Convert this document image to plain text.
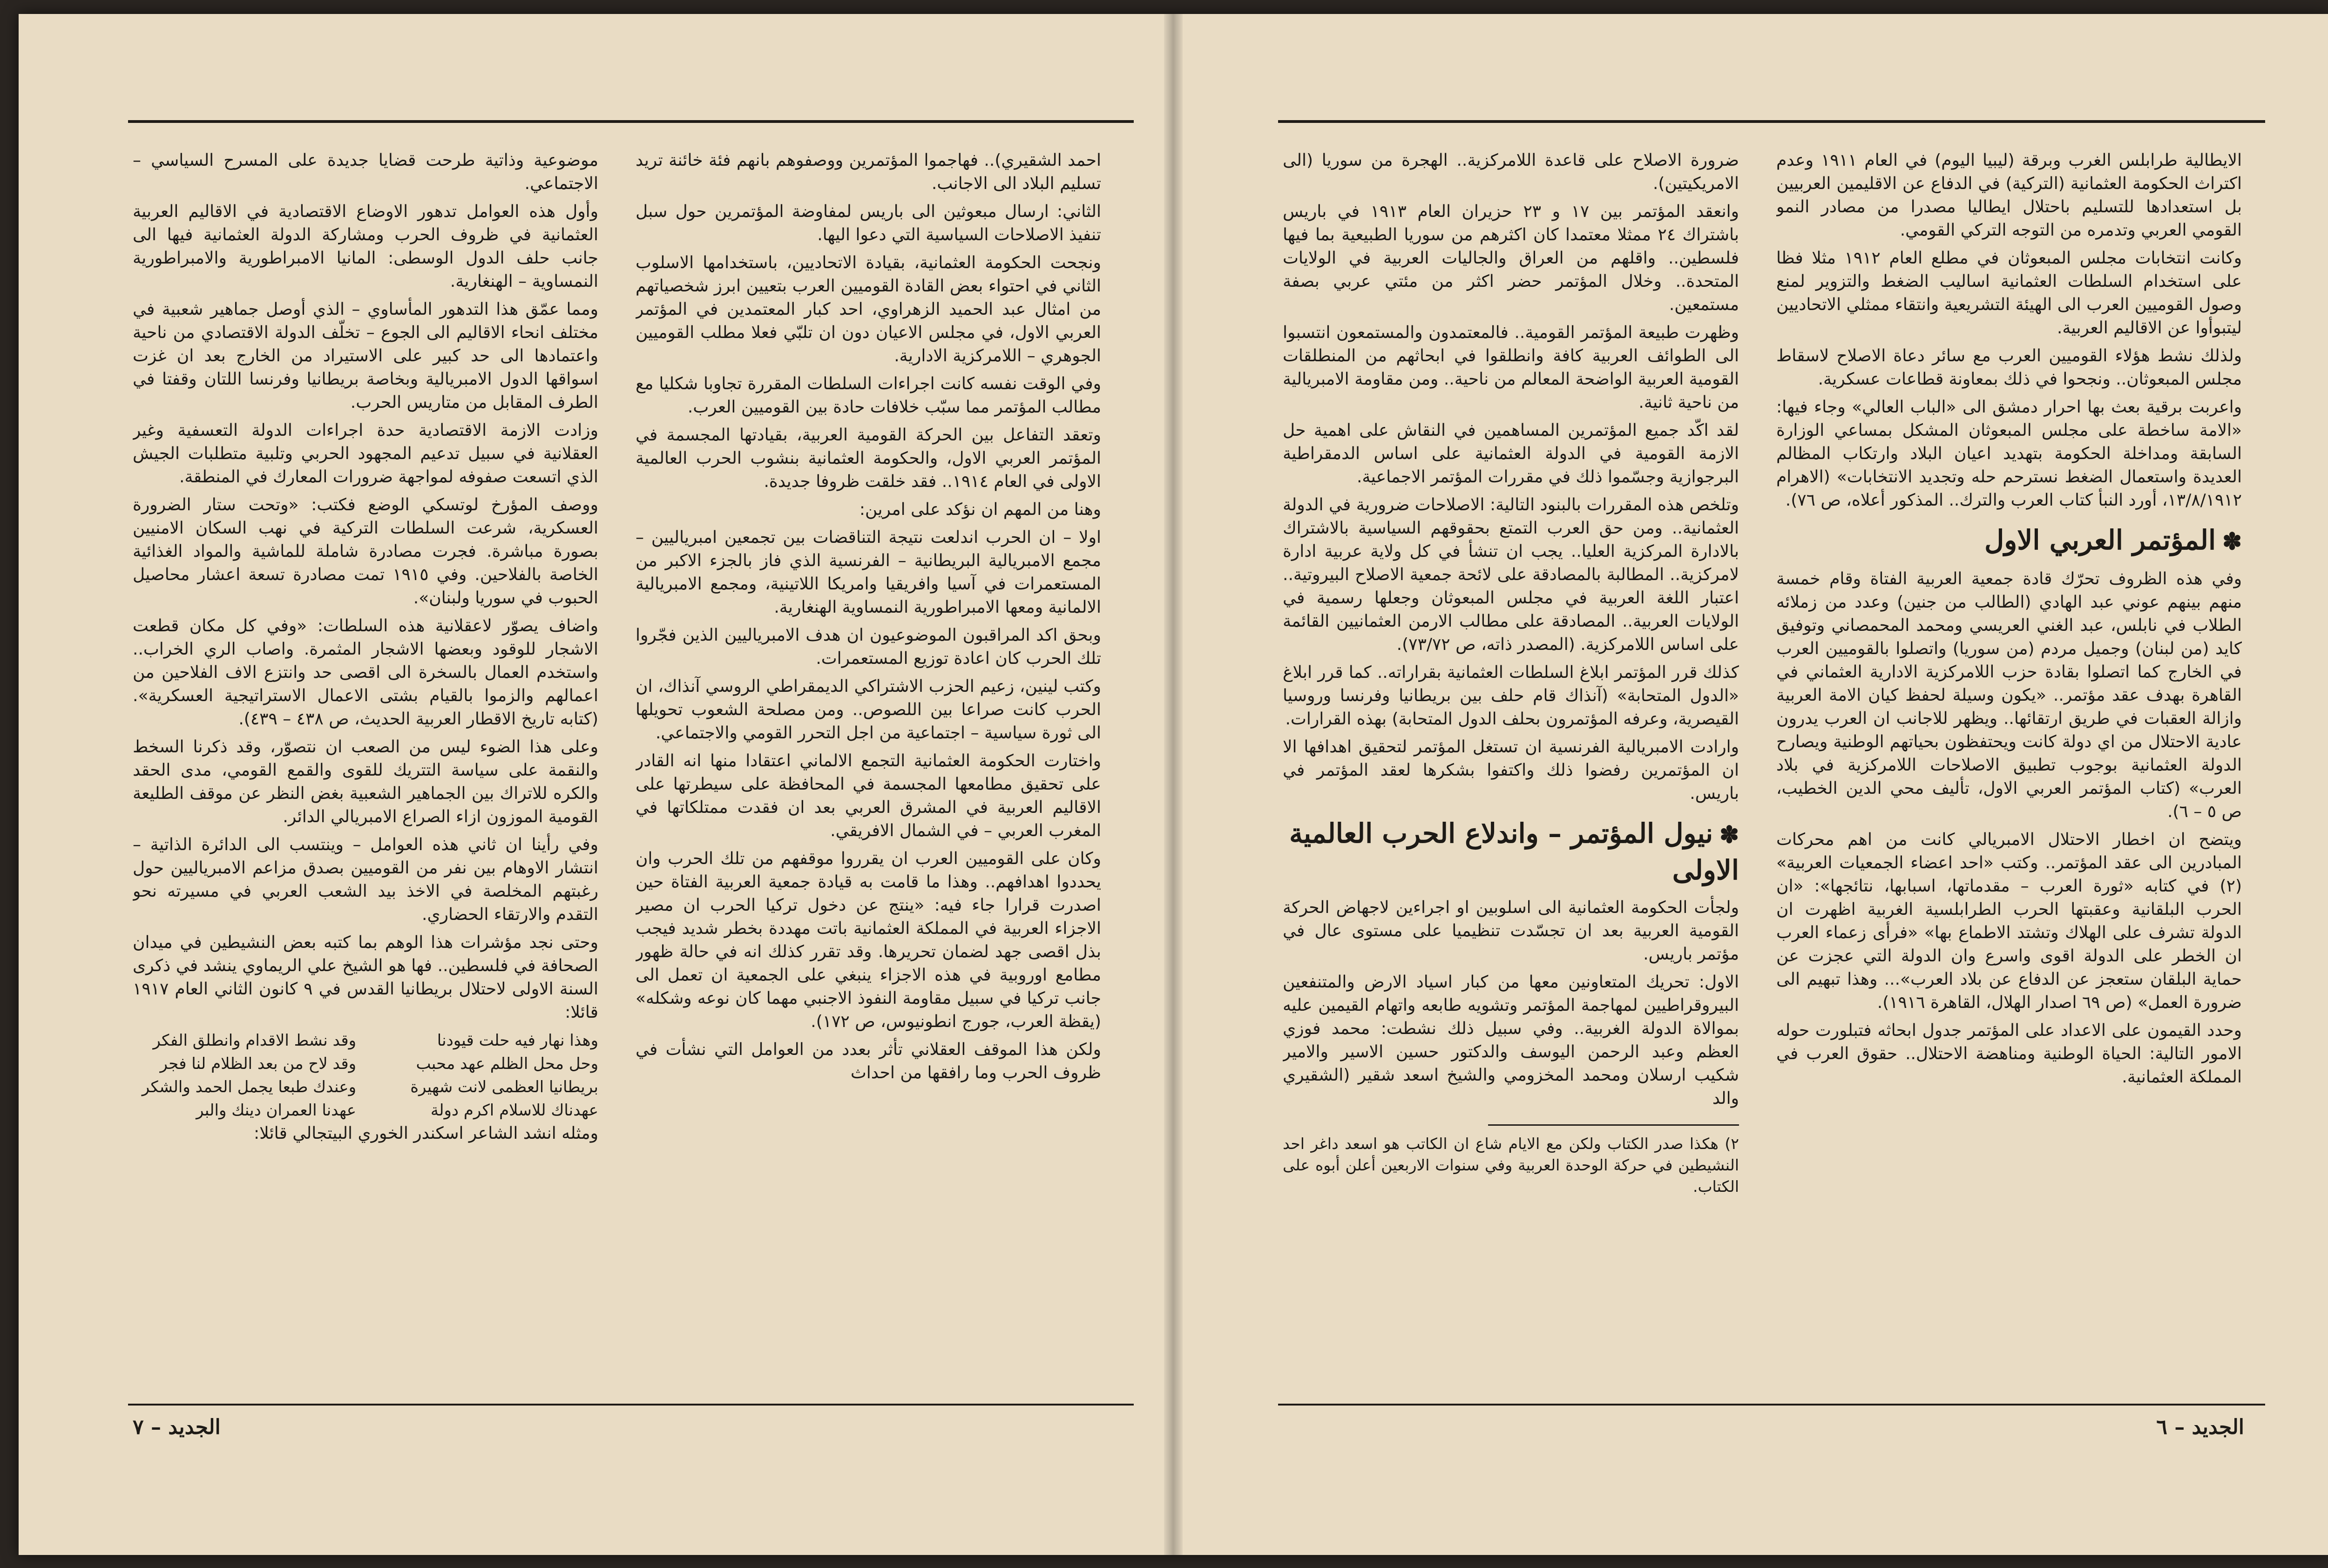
موضوعية وذاتية طرحت قضايا جديدة على المسرح السياسي – الاجتماعي.

وأول هذه العوامل تدهور الاوضاع الاقتصادية في الاقاليم العربية العثمانية في ظروف الحرب ومشاركة الدولة العثمانية فيها الى جانب حلف الدول الوسطى: المانيا الامبراطورية والامبراطورية النمساوية – الهنغارية.

ومما عمّق هذا التدهور المأساوي – الذي أوصل جماهير شعبية في مختلف انحاء الاقاليم الى الجوع – تخلّف الدولة الاقتصادي من ناحية واعتمادها الى حد كبير على الاستيراد من الخارج بعد ان غزت اسواقها الدول الامبريالية وبخاصة بريطانيا وفرنسا اللتان وقفتا في الطرف المقابل من متاريس الحرب.

وزادت الازمة الاقتصادية حدة اجراءات الدولة التعسفية وغير العقلانية في سبيل تدعيم المجهود الحربي وتلبية متطلبات الجيش الذي اتسعت صفوفه لمواجهة ضرورات المعارك في المنطقة.

ووصف المؤرخ لوتسكي الوضع فكتب: «وتحت ستار الضرورة العسكرية، شرعت السلطات التركية في نهب السكان الامنيين بصورة مباشرة. فجرت مصادرة شاملة للماشية والمواد الغذائية الخاصة بالفلاحين. وفي ١٩١٥ تمت مصادرة تسعة اعشار محاصيل الحبوب في سوريا ولبنان».

واضاف يصوّر لاعقلانية هذه السلطات: «وفي كل مكان قطعت الاشجار للوقود وبعضها الاشجار المثمرة. واصاب الري الخراب.. واستخدم العمال بالسخرة الى اقصى حد وانتزع الاف الفلاحين من اعمالهم والزموا بالقيام بشتى الاعمال الاستراتيجية العسكرية». (كتابه تاريخ الاقطار العربية الحديث، ص ٤٣٨ – ٤٣٩).

وعلى هذا الضوء ليس من الصعب ان نتصوّر، وقد ذكرنا السخط والنقمة على سياسة التتريك للقوى والقمع القومي، مدى الحقد والكره للاتراك بين الجماهير الشعبية بغض النظر عن موقف الطليعة القومية الموزون ازاء الصراع الامبريالي الدائر.

وفي رأينا ان ثاني هذه العوامل – وينتسب الى الدائرة الذاتية – انتشار الاوهام بين نفر من القوميين بصدق مزاعم الامبرياليين حول رغبتهم المخلصة في الاخذ بيد الشعب العربي في مسيرته نحو التقدم والارتقاء الحضاري.

وحتى نجد مؤشرات هذا الوهم بما كتبه بعض النشيطين في ميدان الصحافة في فلسطين.. فها هو الشيخ علي الريماوي ينشد في ذكرى السنة الاولى لاحتلال بريطانيا القدس في ٩ كانون الثاني العام ١٩١٧ قائلا:

وهذا نهار فيه حلت قيودنا
وقد نشط الاقدام وانطلق الفكر
وحل محل الظلم عهد محبب
وقد لاح من بعد الظلام لنا فجر
بريطانيا العظمى لانت شهيرة
وعندك طبعا يجمل الحمد والشكر
عهدناك للاسلام اكرم دولة
عهدنا العمران دينك والبر

ومثله انشد الشاعر اسكندر الخوري البيتجالي قائلا:

احمد الشقيري).. فهاجموا المؤتمرين ووصفوهم بانهم فئة خائنة تريد تسليم البلاد الى الاجانب.

الثاني: ارسال مبعوثين الى باريس لمفاوضة المؤتمرين حول سبل تنفيذ الاصلاحات السياسية التي دعوا اليها.

ونجحت الحكومة العثمانية، بقيادة الاتحاديين، باستخدامها الاسلوب الثاني في احتواء بعض القادة القوميين العرب بتعيين ابرز شخصياتهم من امثال عبد الحميد الزهراوي، احد كبار المعتمدين في المؤتمر العربي الاول، في مجلس الاعيان دون ان تلبّي فعلا مطلب القوميين الجوهري – اللامركزية الادارية.

وفي الوقت نفسه كانت اجراءات السلطات المقررة تجاوبا شكليا مع مطالب المؤتمر مما سبّب خلافات حادة بين القوميين العرب.

وتعقد التفاعل بين الحركة القومية العربية، بقيادتها المجسمة في المؤتمر العربي الاول، والحكومة العثمانية بنشوب الحرب العالمية الاولى في العام ١٩١٤.. فقد خلقت ظروفا جديدة.

وهنا من المهم ان نؤكد على امرين:

اولا – ان الحرب اندلعت نتيجة التناقضات بين تجمعين امبرياليين – مجمع الامبريالية البريطانية – الفرنسية الذي فاز بالجزء الاكبر من المستعمرات في آسيا وافريقيا وامريكا اللاتينية، ومجمع الامبريالية الالمانية ومعها الامبراطورية النمساوية الهنغارية.

وبحق اكد المراقبون الموضوعيون ان هدف الامبرياليين الذين فجّروا تلك الحرب كان اعادة توزيع المستعمرات.

وكتب لينين، زعيم الحزب الاشتراكي الديمقراطي الروسي آنذاك، ان الحرب كانت صراعا بين اللصوص.. ومن مصلحة الشعوب تحويلها الى ثورة سياسية – اجتماعية من اجل التحرر القومي والاجتماعي.

واختارت الحكومة العثمانية التجمع الالماني اعتقادا منها انه القادر على تحقيق مطامعها المجسمة في المحافظة على سيطرتها على الاقاليم العربية في المشرق العربي بعد ان فقدت ممتلكاتها في المغرب العربي – في الشمال الافريقي.

وكان على القوميين العرب ان يقرروا موقفهم من تلك الحرب وان يحددوا اهدافهم.. وهذا ما قامت به قيادة جمعية العربية الفتاة حين اصدرت قرارا جاء فيه: «ينتج عن دخول تركيا الحرب ان مصير الاجزاء العربية في المملكة العثمانية باتت مهددة بخطر شديد فيجب بذل اقصى جهد لضمان تحريرها. وقد تقرر كذلك انه في حالة ظهور مطامع اوروبية في هذه الاجزاء ينبغي على الجمعية ان تعمل الى جانب تركيا في سبيل مقاومة النفوذ الاجنبي مهما كان نوعه وشكله» (يقظة العرب، جورج انطونيوس، ص ١٧٢).

ولكن هذا الموقف العقلاني تأثر بعدد من العوامل التي نشأت في ظروف الحرب وما رافقها من احداث

الجديد – ٧

ضرورة الاصلاح على قاعدة اللامركزية.. الهجرة من سوريا (الى الامريكيتين).

وانعقد المؤتمر بين ١٧ و ٢٣ حزيران العام ١٩١٣ في باريس باشتراك ٢٤ ممثلا معتمدا كان اكثرهم من سوريا الطبيعية بما فيها فلسطين.. واقلهم من العراق والجاليات العربية في الولايات المتحدة.. وخلال المؤتمر حضر اكثر من مئتي عربي بصفة مستمعين.

وظهرت طبيعة المؤتمر القومية.. فالمعتمدون والمستمعون انتسبوا الى الطوائف العربية كافة وانطلقوا في ابحاثهم من المنطلقات القومية العربية الواضحة المعالم من ناحية.. ومن مقاومة الامبريالية من ناحية ثانية.

لقد اكّد جميع المؤتمرين المساهمين في النقاش على اهمية حل الازمة القومية في الدولة العثمانية على اساس الدمقراطية البرجوازية وجسّموا ذلك في مقررات المؤتمر الاجماعية.

وتلخص هذه المقررات بالبنود التالية: الاصلاحات ضرورية في الدولة العثمانية.. ومن حق العرب التمتع بحقوقهم السياسية بالاشتراك بالادارة المركزية العليا.. يجب ان تنشأ في كل ولاية عربية ادارة لامركزية.. المطالبة بالمصادقة على لائحة جمعية الاصلاح البيروتية.. اعتبار اللغة العربية في مجلس المبعوثان وجعلها رسمية في الولايات العربية.. المصادقة على مطالب الارمن العثمانيين القائمة على اساس اللامركزية. (المصدر ذاته، ص ٧٣/٧٢).

كذلك قرر المؤتمر ابلاغ السلطات العثمانية بقراراته.. كما قرر ابلاغ «الدول المتحابة» (آنذاك قام حلف بين بريطانيا وفرنسا وروسيا القيصرية، وعرفه المؤتمرون بحلف الدول المتحابة) بهذه القرارات.

وارادت الامبريالية الفرنسية ان تستغل المؤتمر لتحقيق اهدافها الا ان المؤتمرين رفضوا ذلك واكتفوا بشكرها لعقد المؤتمر في باريس.

✽نيول المؤتمر – واندلاع الحرب العالمية الاولى

ولجأت الحكومة العثمانية الى اسلوبين او اجراءين لاجهاض الحركة القومية العربية بعد ان تجسّدت تنظيميا على مستوى عال في مؤتمر باريس.

الاول: تحريك المتعاونين معها من كبار اسياد الارض والمتنفعين البيروقراطيين لمهاجمة المؤتمر وتشويه طابعه واتهام القيمين عليه بموالاة الدولة الغربية.. وفي سبيل ذلك نشطت: محمد فوزي العظم وعبد الرحمن اليوسف والدكتور حسين الاسير والامير شكيب ارسلان ومحمد المخزومي والشيخ اسعد شقير (الشقيري والد

٢) هكذا صدر الكتاب ولكن مع الايام شاع ان الكاتب هو اسعد داغر احد النشيطين في حركة الوحدة العربية وفي سنوات الاربعين أعلن أبوه على الكتاب.

الايطالية طرابلس الغرب وبرقة (ليبيا اليوم) في العام ١٩١١ وعدم اكتراث الحكومة العثمانية (التركية) في الدفاع عن الاقليمين العربيين بل استعدادها للتسليم باحتلال ايطاليا مصدرا من مصادر النمو القومي العربي وتدمره من التوجه التركي القومي.

وكانت انتخابات مجلس المبعوثان في مطلع العام ١٩١٢ مثلا فظا على استخدام السلطات العثمانية اساليب الضغط والتزوير لمنع وصول القوميين العرب الى الهيئة التشريعية وانتقاء ممثلي الاتحاديين ليتبوأوا عن الاقاليم العربية.

ولذلك نشط هؤلاء القوميين العرب مع سائر دعاة الاصلاح لاسقاط مجلس المبعوثان.. ونجحوا في ذلك بمعاونة قطاعات عسكرية.

واعربت برقية بعث بها احرار دمشق الى «الباب العالي» وجاء فيها: «الامة ساخطة على مجلس المبعوثان المشكل بمساعي الوزارة السابقة ومداخلة الحكومة بتهديد اعيان البلاد وارتكاب المظالم العديدة واستعمال الضغط نسترحم حله وتجديد الانتخابات» (الاهرام ١٣/٨/١٩١٢، أورد النبأ كتاب العرب والترك.. المذكور أعلاه، ص ٧٦).

✽المؤتمر العربي الاول

وفي هذه الظروف تحرّك قادة جمعية العربية الفتاة وقام خمسة منهم بينهم عوني عبد الهادي (الطالب من جنين) وعدد من زملائه الطلاب في نابلس، عبد الغني العريسي ومحمد المحمصاني وتوفيق كايد (من لبنان) وجميل مردم (من سوريا) واتصلوا بالقوميين العرب في الخارج كما اتصلوا بقادة حزب اللامركزية الادارية العثماني في القاهرة بهدف عقد مؤتمر.. «يكون وسيلة لحفظ كيان الامة العربية وازالة العقبات في طريق ارتقائها.. ويظهر للاجانب ان العرب يدرون عادية الاحتلال من اي دولة كانت ويحتفظون بحياتهم الوطنية ويصارح الدولة العثمانية بوجوب تطبيق الاصلاحات اللامركزية في بلاد العرب» (كتاب المؤتمر العربي الاول، تأليف محي الدين الخطيب، ص ٥ – ٦).

ويتضح ان اخطار الاحتلال الامبريالي كانت من اهم محركات المبادرين الى عقد المؤتمر.. وكتب «احد اعضاء الجمعيات العربية» (٢) في كتابه «ثورة العرب – مقدماتها، اسبابها، نتائجها»: «ان الحرب البلقانية وعقبتها الحرب الطرابلسية الغربية اظهرت ان الدولة تشرف على الهلاك وتشتد الاطماع بها» «فرأى زعماء العرب ان الخطر على الدولة اقوى واسرع وان الدولة التي عجزت عن حماية البلقان ستعجز عن الدفاع عن بلاد العرب»... وهذا تبهيم الى ضرورة العمل» (ص ٦٩ اصدار الهلال، القاهرة ١٩١٦).

وحدد القيمون على الاعداد على المؤتمر جدول ابحاثه فتبلورت حوله الامور التالية: الحياة الوطنية ومناهضة الاحتلال.. حقوق العرب في المملكة العثمانية.

الجديد – ٦
